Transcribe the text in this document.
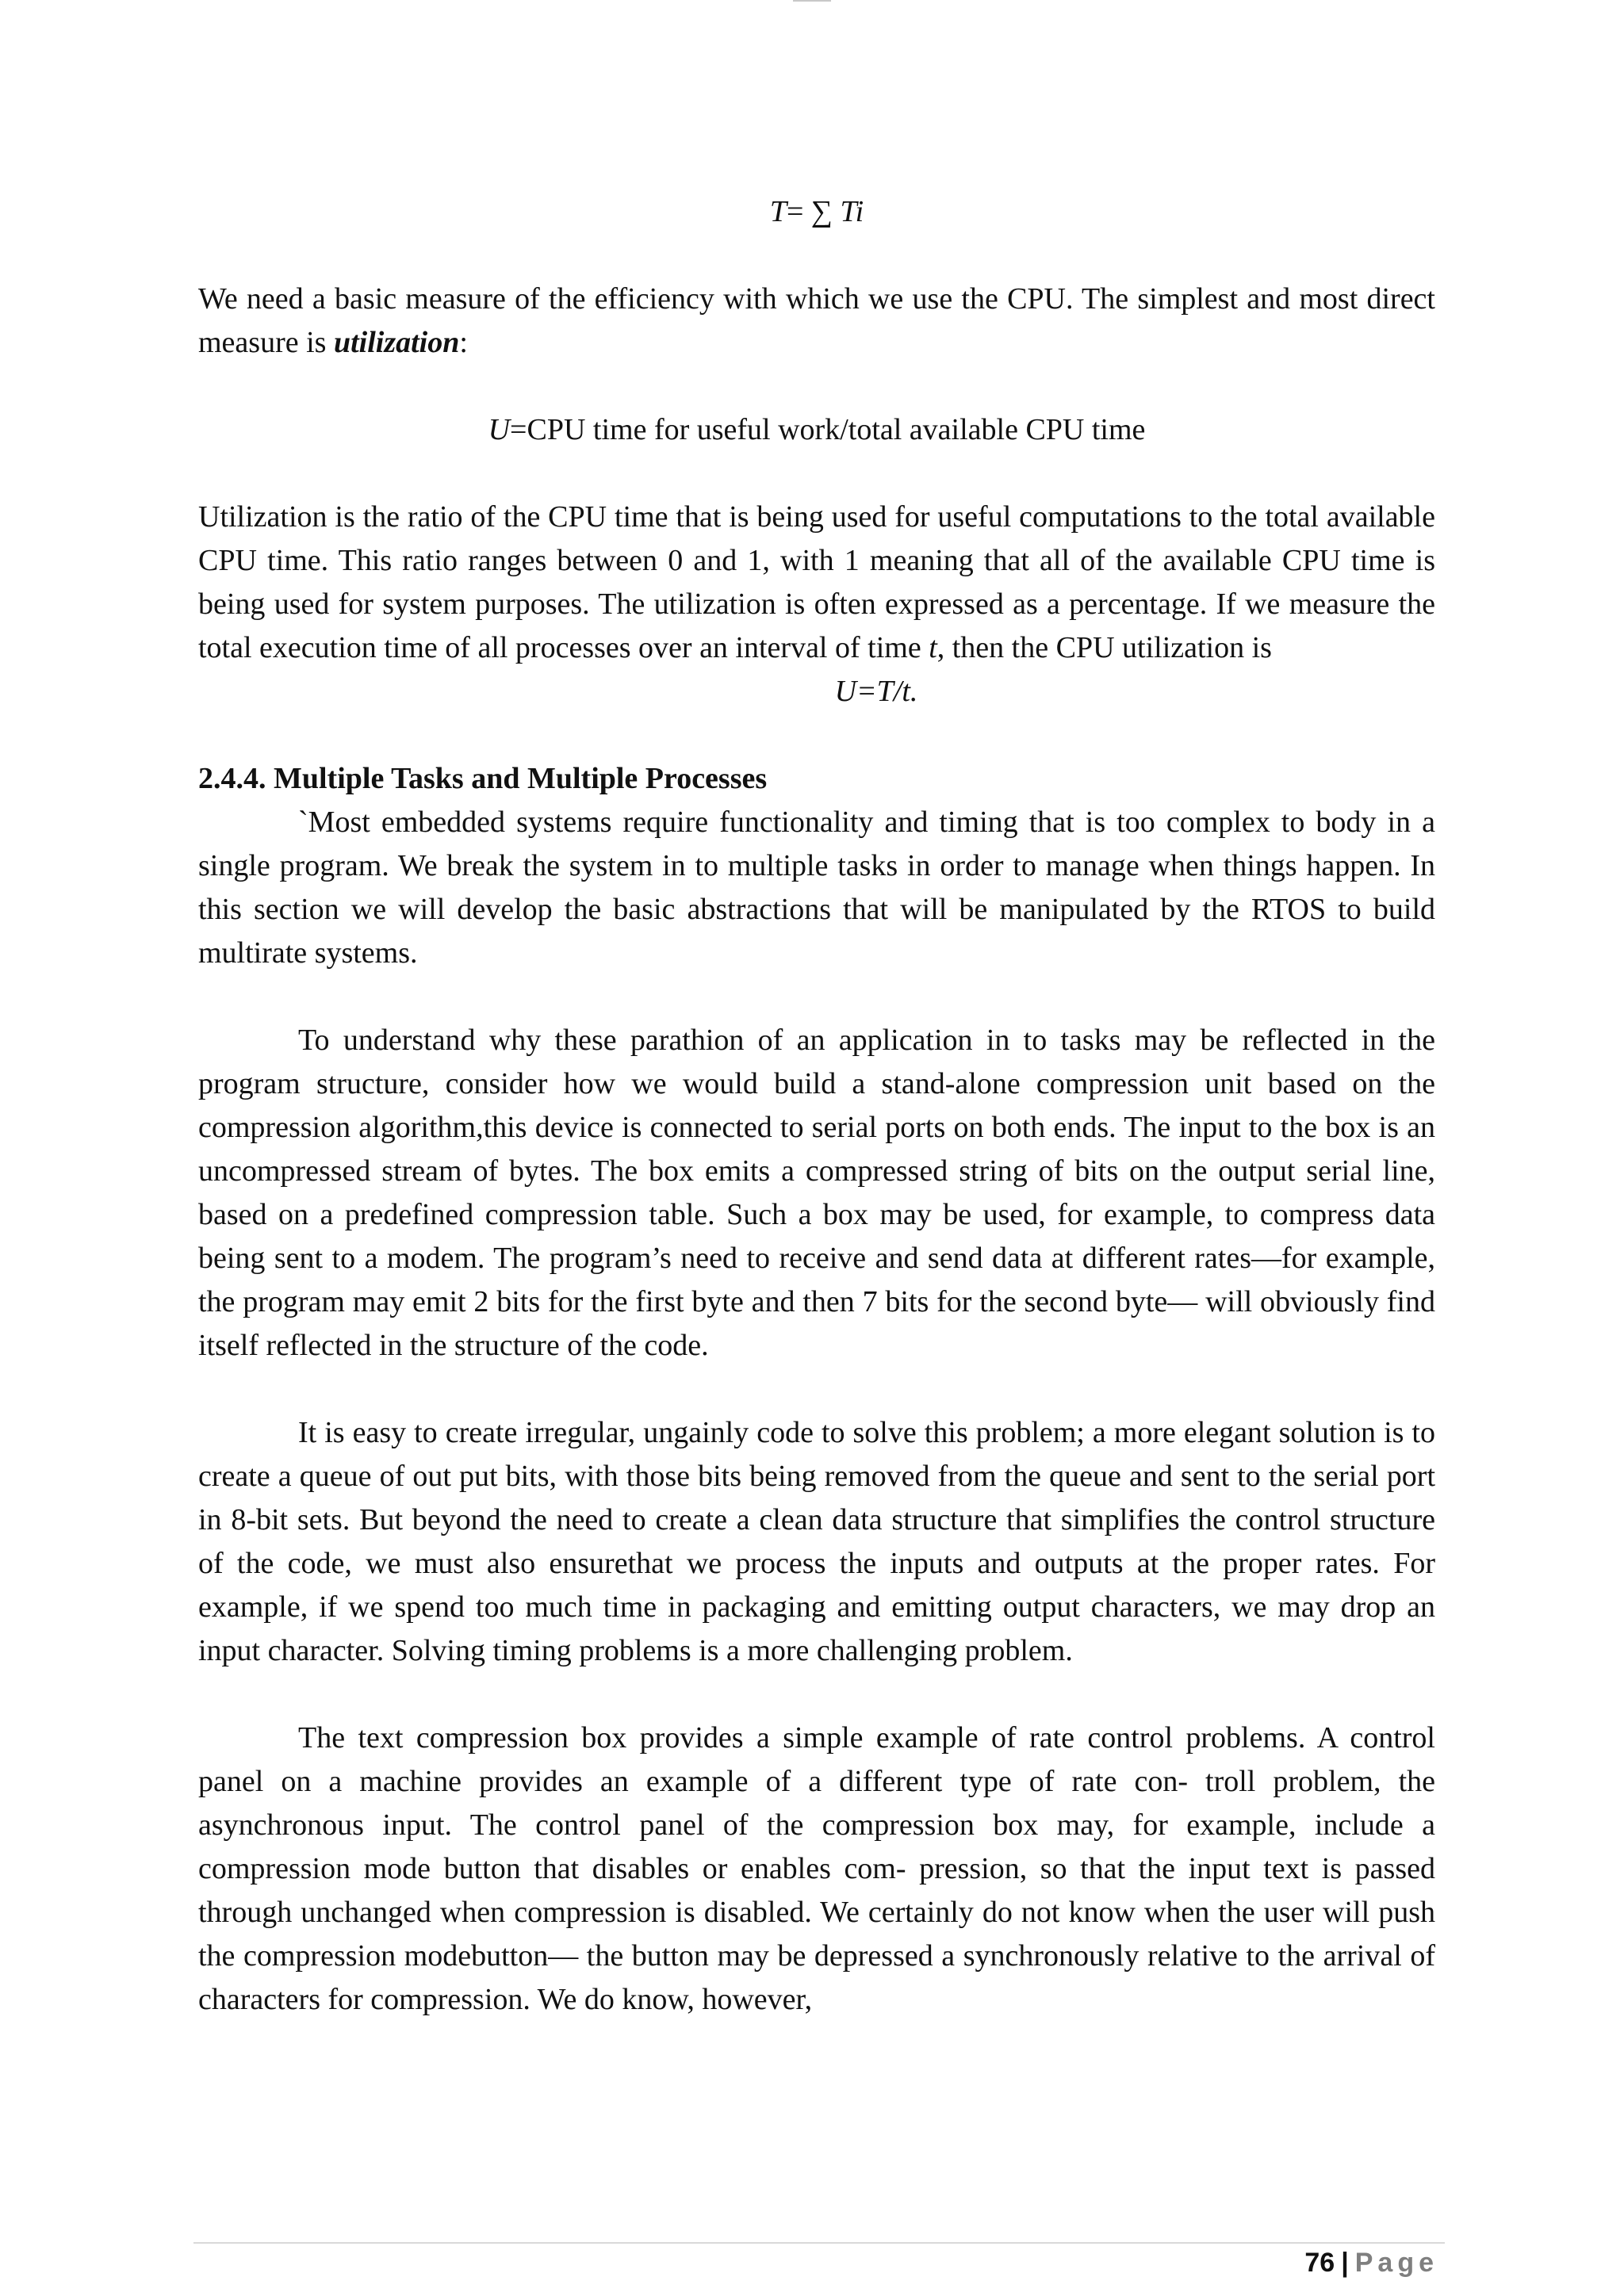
T= ∑ Ti

We need a basic measure of the efficiency with which we use the CPU. The simplest and most direct measure is utilization:

U=CPU time for useful work/total available CPU time

Utilization is the ratio of the CPU time that is being used for useful computations to the total available CPU time. This ratio ranges between 0 and 1, with 1 meaning that all of the available CPU time is being used for system purposes. The utilization is often expressed as a percentage. If we measure the total execution time of all processes over an interval of time t, then the CPU utilization is

U=T/t.

2.4.4. Multiple Tasks and Multiple Processes

`Most embedded systems require functionality and timing that is too complex to body in a single program. We break the system in to multiple tasks in order to manage when things happen. In this section we will develop the basic abstractions that will be manipulated by the RTOS to build multirate systems.

To understand why these parathion of an application in to tasks may be reflected in the program structure, consider how we would build a stand-alone compression unit based on the compression algorithm,this device is connected to serial ports on both ends. The input to the box is an uncompressed stream of bytes. The box emits a compressed string of bits on the output serial line, based on a predefined compression table. Such a box may be used, for example, to compress data being sent to a modem. The program’s need to receive and send data at different rates—for example, the program may emit 2 bits for the first byte and then 7 bits for the second byte— will obviously find itself reflected in the structure of the code.

It is easy to create irregular, ungainly code to solve this problem; a more elegant solution is to create a queue of out put bits, with those bits being removed from the queue and sent to the serial port in 8-bit sets. But beyond the need to create a clean data structure that simplifies the control structure of the code, we must also ensurethat we process the inputs and outputs at the proper rates. For example, if we spend too much time in packaging and emitting output characters, we may drop an input character. Solving timing problems is a more challenging problem.

The text compression box provides a simple example of rate control problems. A control panel on a machine provides an example of a different type of rate con- troll problem, the asynchronous input. The control panel of the compression box may, for example, include a compression mode button that disables or enables com- pression, so that the input text is passed through unchanged when compression is disabled. We certainly do not know when the user will push the compression modebutton— the button may be depressed a synchronously relative to the arrival of characters for compression. We do know, however,

76 | Page
